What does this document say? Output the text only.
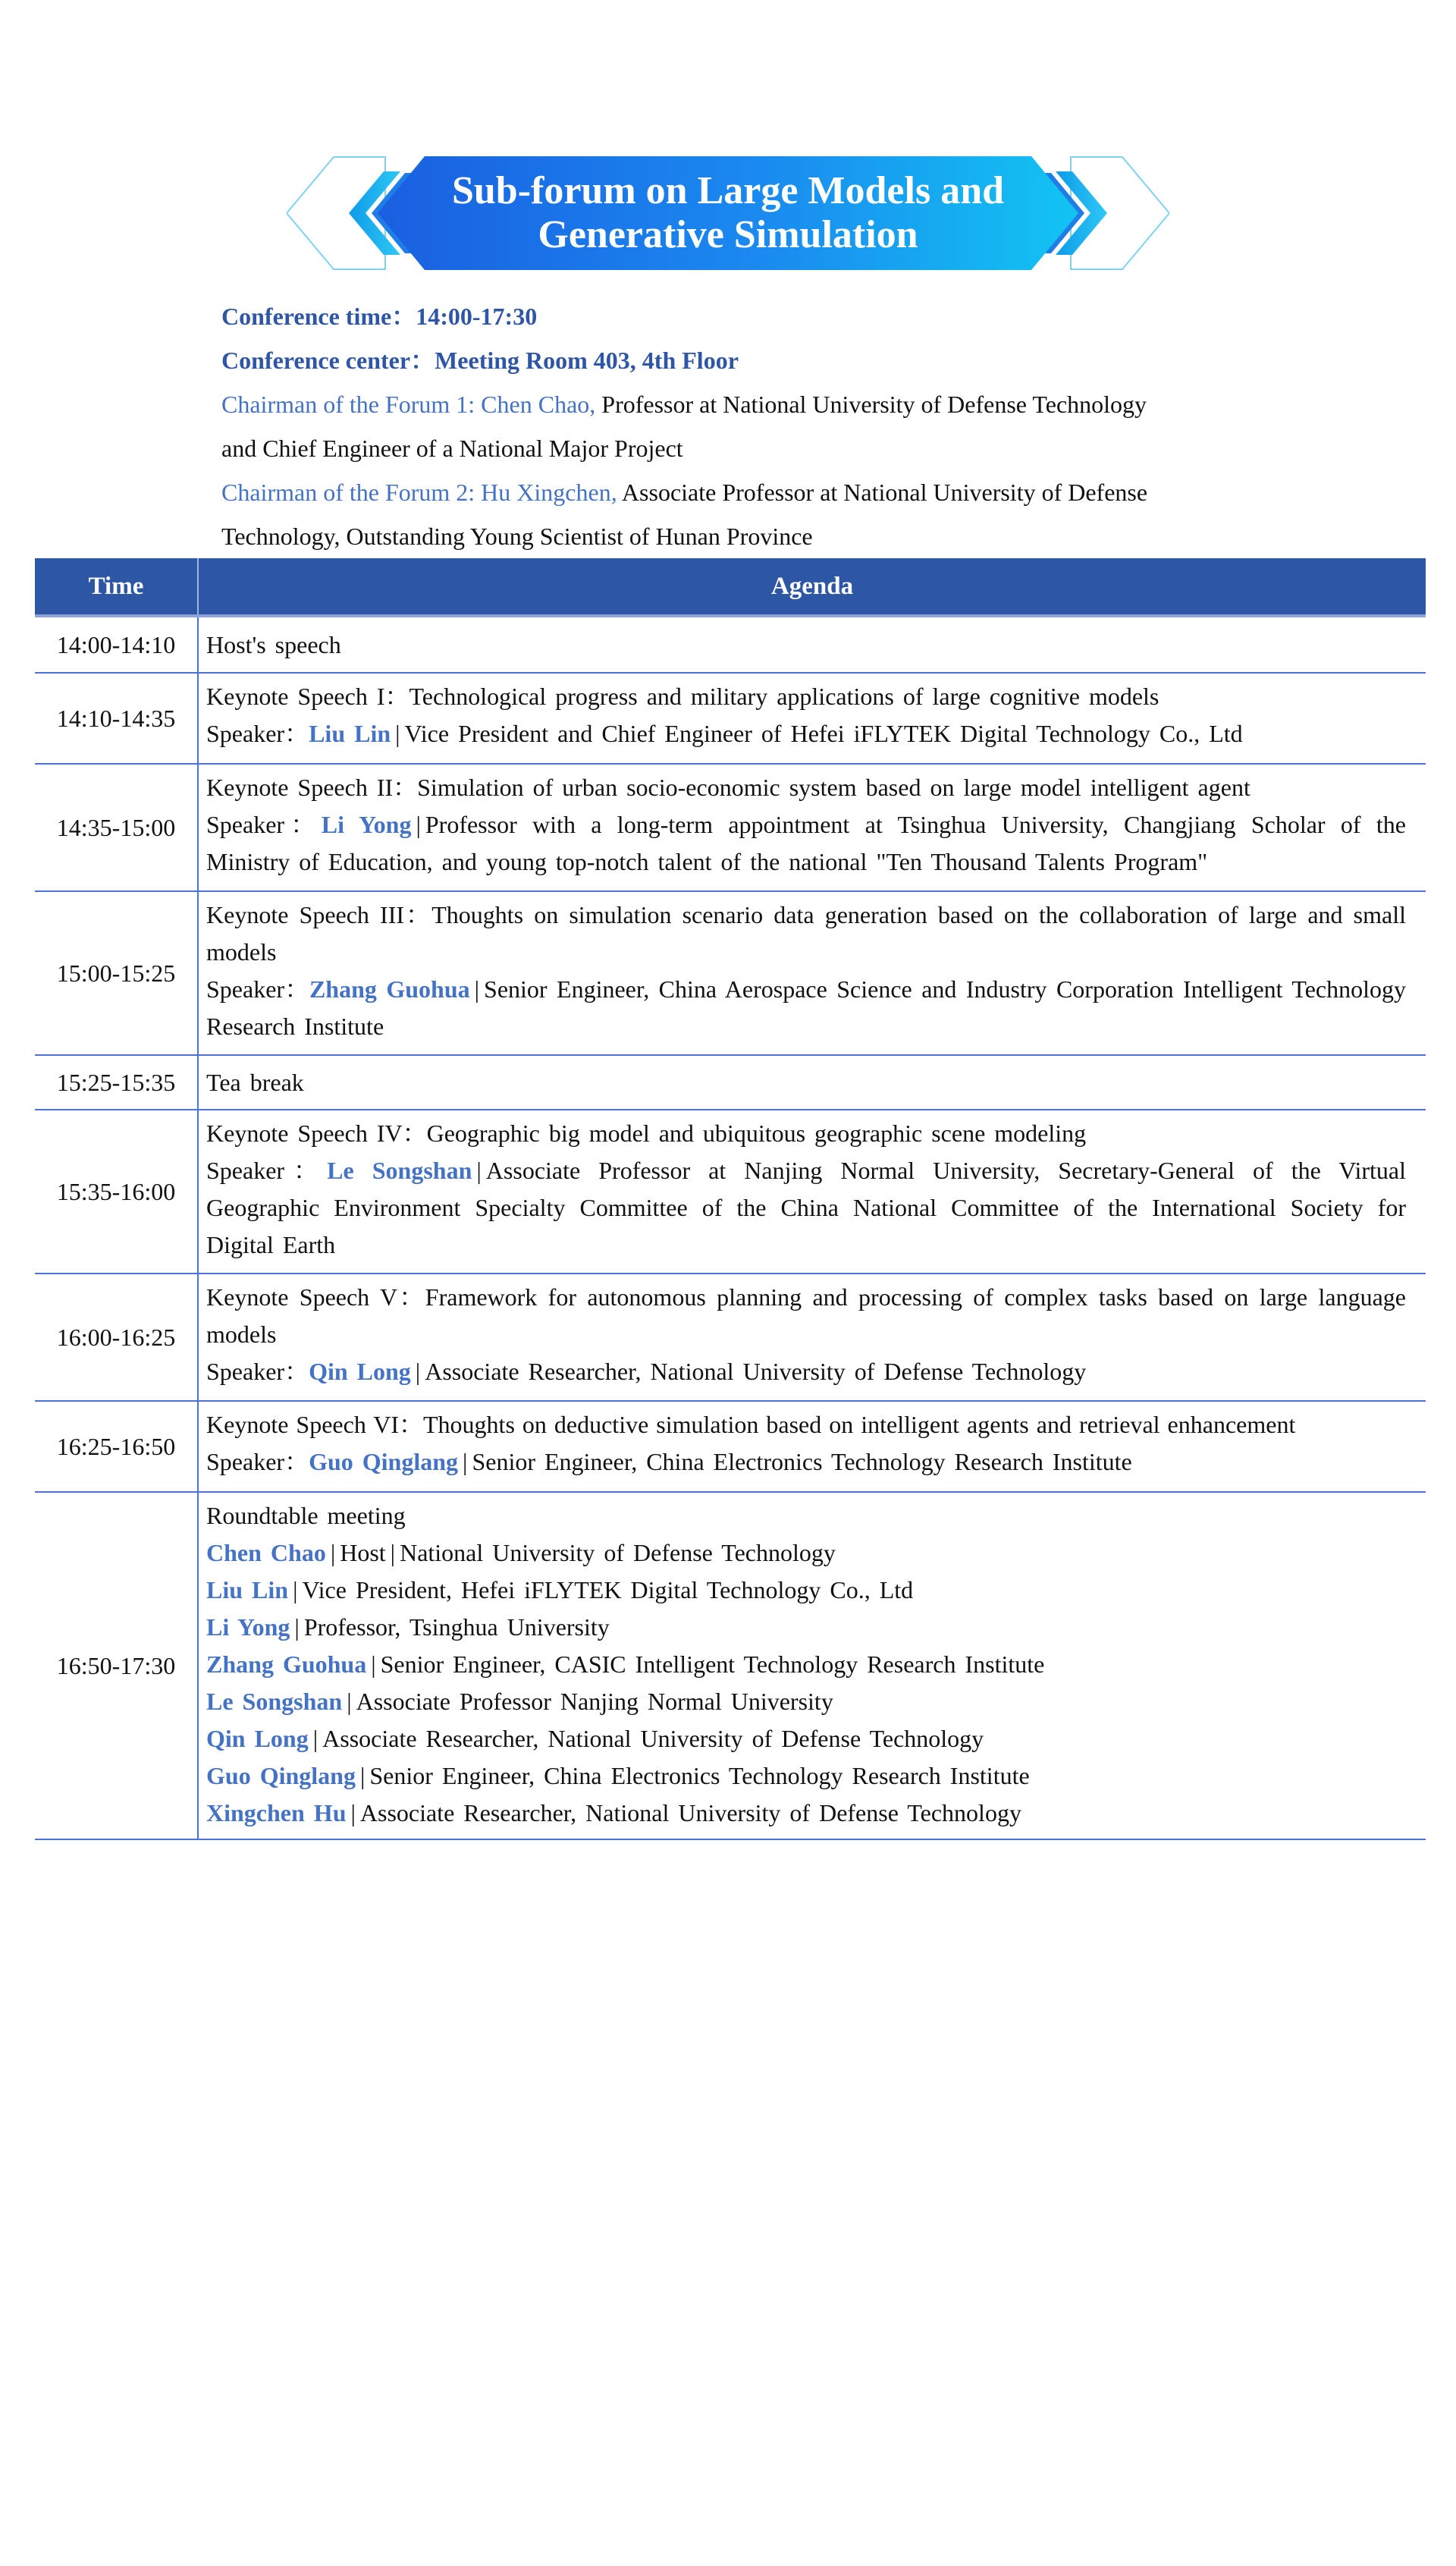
Sub-forum on Large Models and
Generative Simulation
Conference time：14:00-17:30
Conference center：Meeting Room 403, 4th Floor
Chairman of the Forum 1: Chen Chao, Professor at National University of Defense Technology
and Chief Engineer of a National Major Project
Chairman of the Forum 2: Hu Xingchen, Associate Professor at National University of Defense
Technology, Outstanding Young Scientist of Hunan Province
Time	Agenda
14:00-14:10	Host's speech
14:10-14:35
Keynote Speech I：Technological progress and military applications of large cognitive models
Speaker：Liu Lin | Vice President and Chief Engineer of Hefei iFLYTEK Digital Technology Co., Ltd
14:35-15:00
Keynote Speech II：Simulation of urban socio-economic system based on large model intelligent agent
Speaker：Li Yong | Professor with a long-term appointment at Tsinghua University, Changjiang Scholar of the Ministry of Education, and young top-notch talent of the national "Ten Thousand Talents Program"
15:00-15:25
Keynote Speech III：Thoughts on simulation scenario data generation based on the collaboration of large and small models
Speaker：Zhang Guohua | Senior Engineer, China Aerospace Science and Industry Corporation Intelligent Technology Research Institute
15:25-15:35	Tea break
15:35-16:00
Keynote Speech IV：Geographic big model and ubiquitous geographic scene modeling
Speaker：Le Songshan | Associate Professor at Nanjing Normal University, Secretary-General of the Virtual Geographic Environment Specialty Committee of the China National Committee of the International Society for Digital Earth
16:00-16:25
Keynote Speech V：Framework for autonomous planning and processing of complex tasks based on large language models
Speaker：Qin Long | Associate Researcher, National University of Defense Technology
16:25-16:50
Keynote Speech VI：Thoughts on deductive simulation based on intelligent agents and retrieval enhancement
Speaker：Guo Qinglang | Senior Engineer, China Electronics Technology Research Institute
16:50-17:30
Roundtable meeting
Chen Chao | Host | National University of Defense Technology
Liu Lin | Vice President, Hefei iFLYTEK Digital Technology Co., Ltd
Li Yong | Professor, Tsinghua University
Zhang Guohua | Senior Engineer, CASIC Intelligent Technology Research Institute
Le Songshan | Associate Professor Nanjing Normal University
Qin Long | Associate Researcher, National University of Defense Technology
Guo Qinglang | Senior Engineer, China Electronics Technology Research Institute
Xingchen Hu | Associate Researcher, National University of Defense Technology
